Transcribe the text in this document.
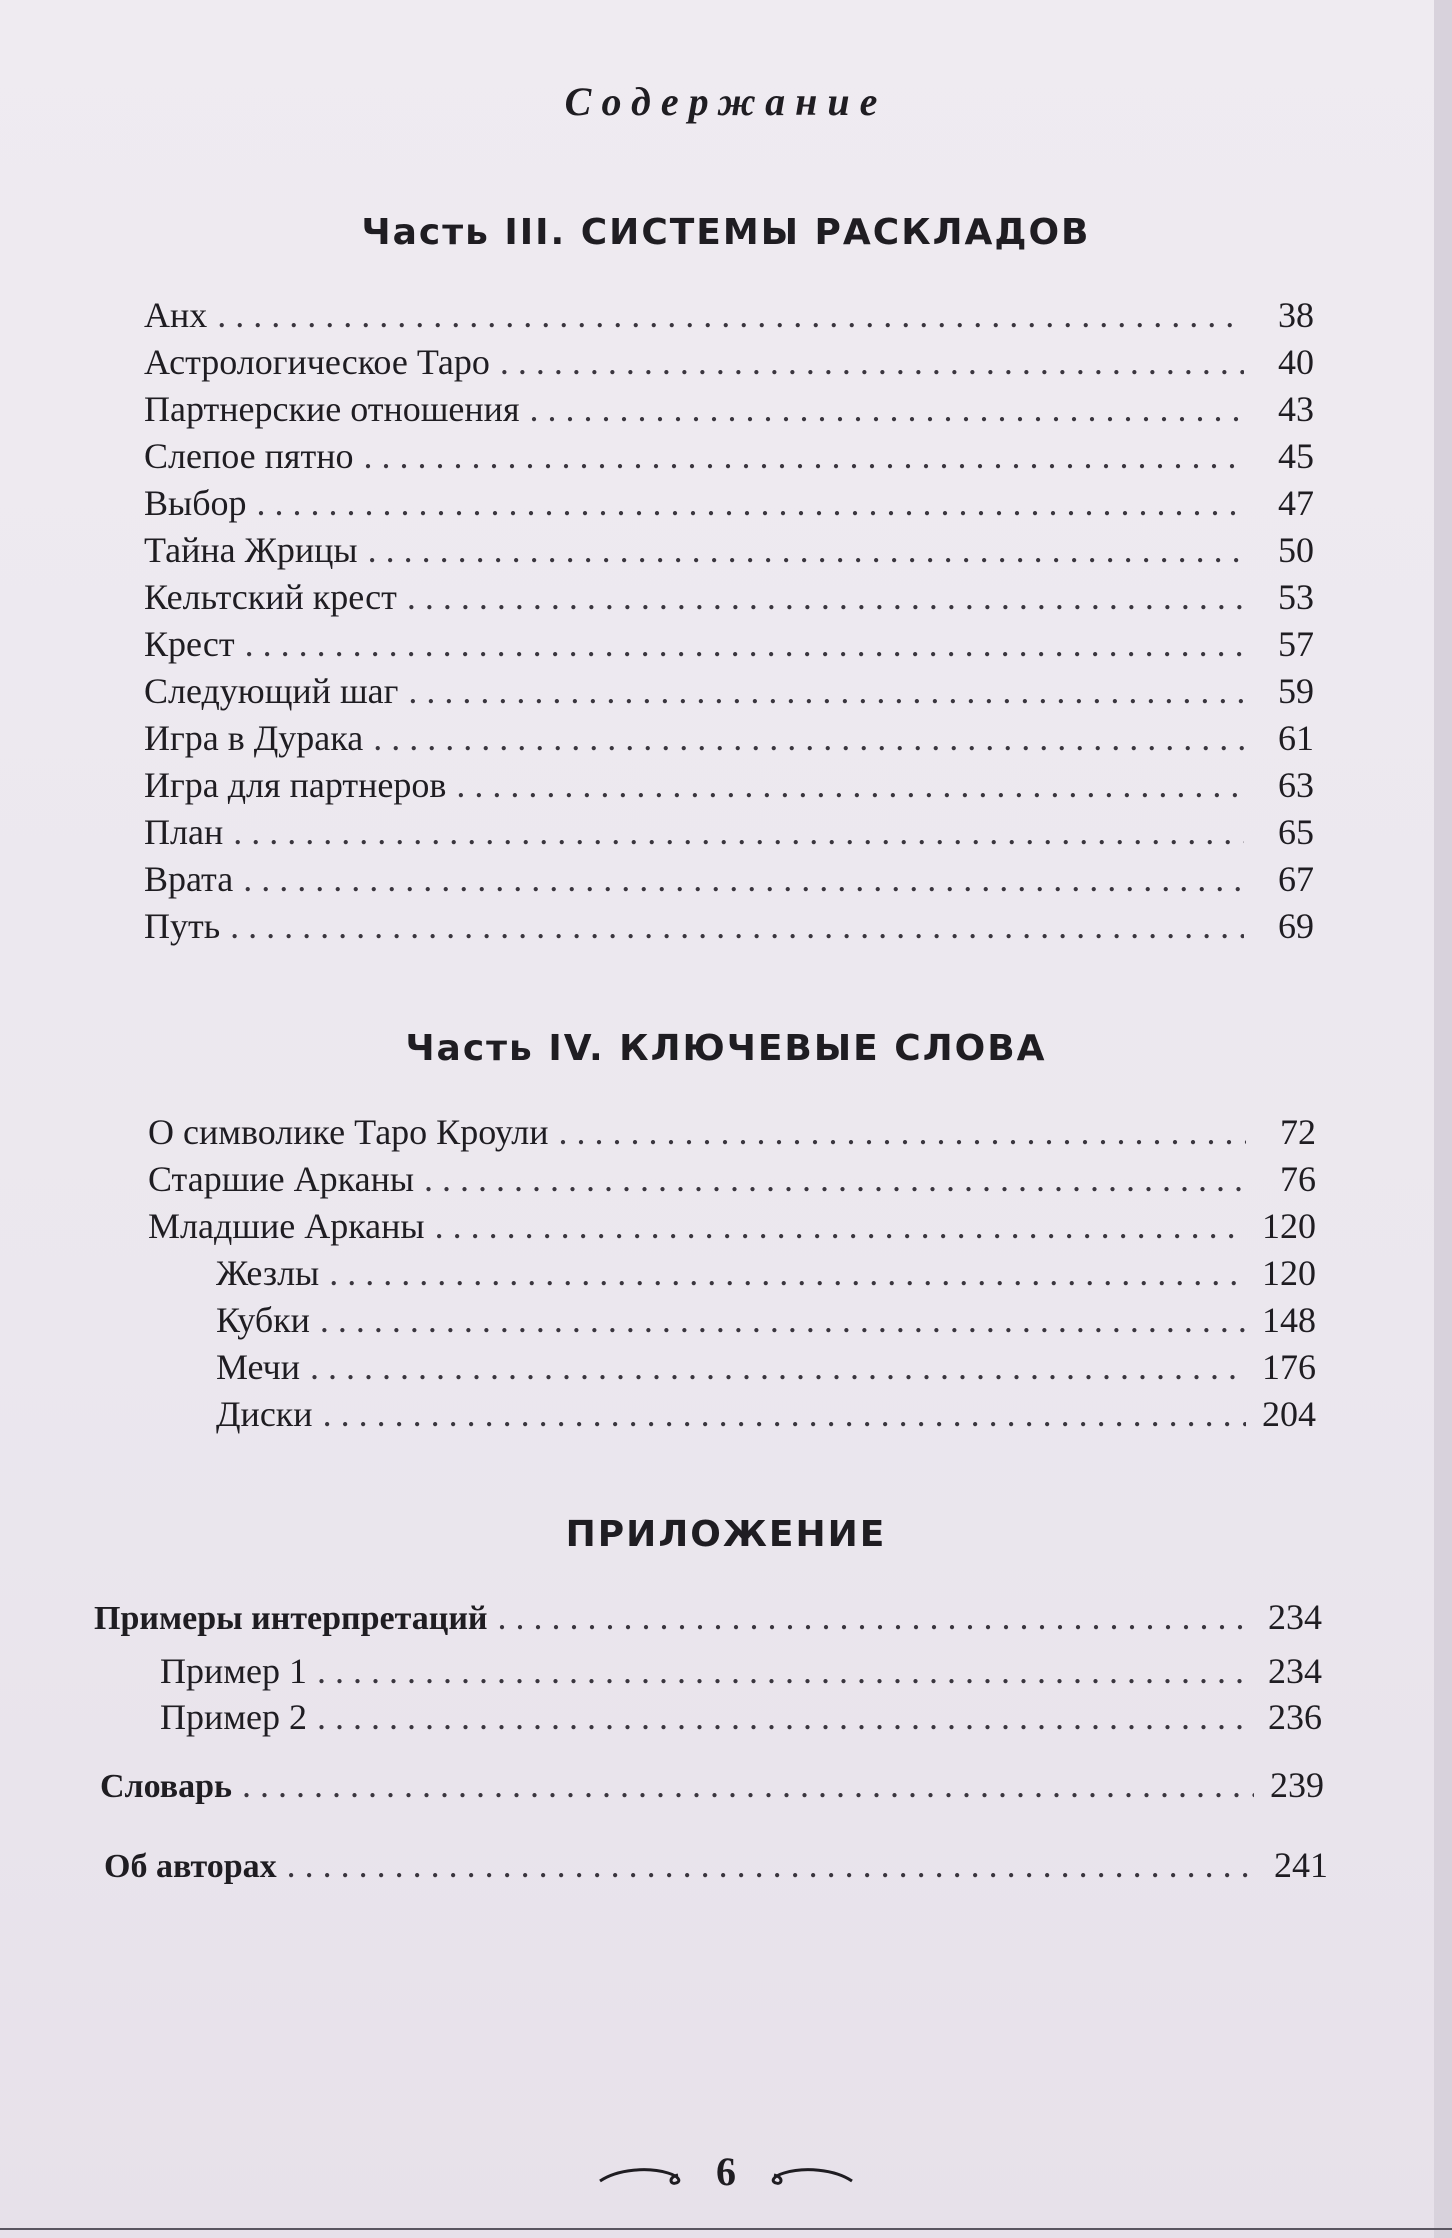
Содержание
Часть III. СИСТЕМЫ РАСКЛАДОВ
Анх . . .	38
Астрологическое Таро . . .	40
Партнерские отношения . . .	43
Слепое пятно . . .	45
Выбор . . .	47
Тайна Жрицы . . .	50
Кельтский крест . . .	53
Крест . . .	57
Следующий шаг . . .	59
Игра в Дурака . . .	61
Игра для партнеров . . .	63
План . . .	65
Врата . . .	67
Путь . . .	69
Часть IV. КЛЮЧЕВЫЕ СЛОВА
О символике Таро Кроули . . .	72
Старшие Арканы . . .	76
Младшие Арканы . . .	120
Жезлы . . .	120
Кубки . . .	148
Мечи . . .	176
Диски . . .	204
ПРИЛОЖЕНИЕ
Примеры интерпретаций . . .	234
Пример 1 . . .	234
Пример 2 . . .	236
Словарь . . .	239
Об авторах . . .	241
6
